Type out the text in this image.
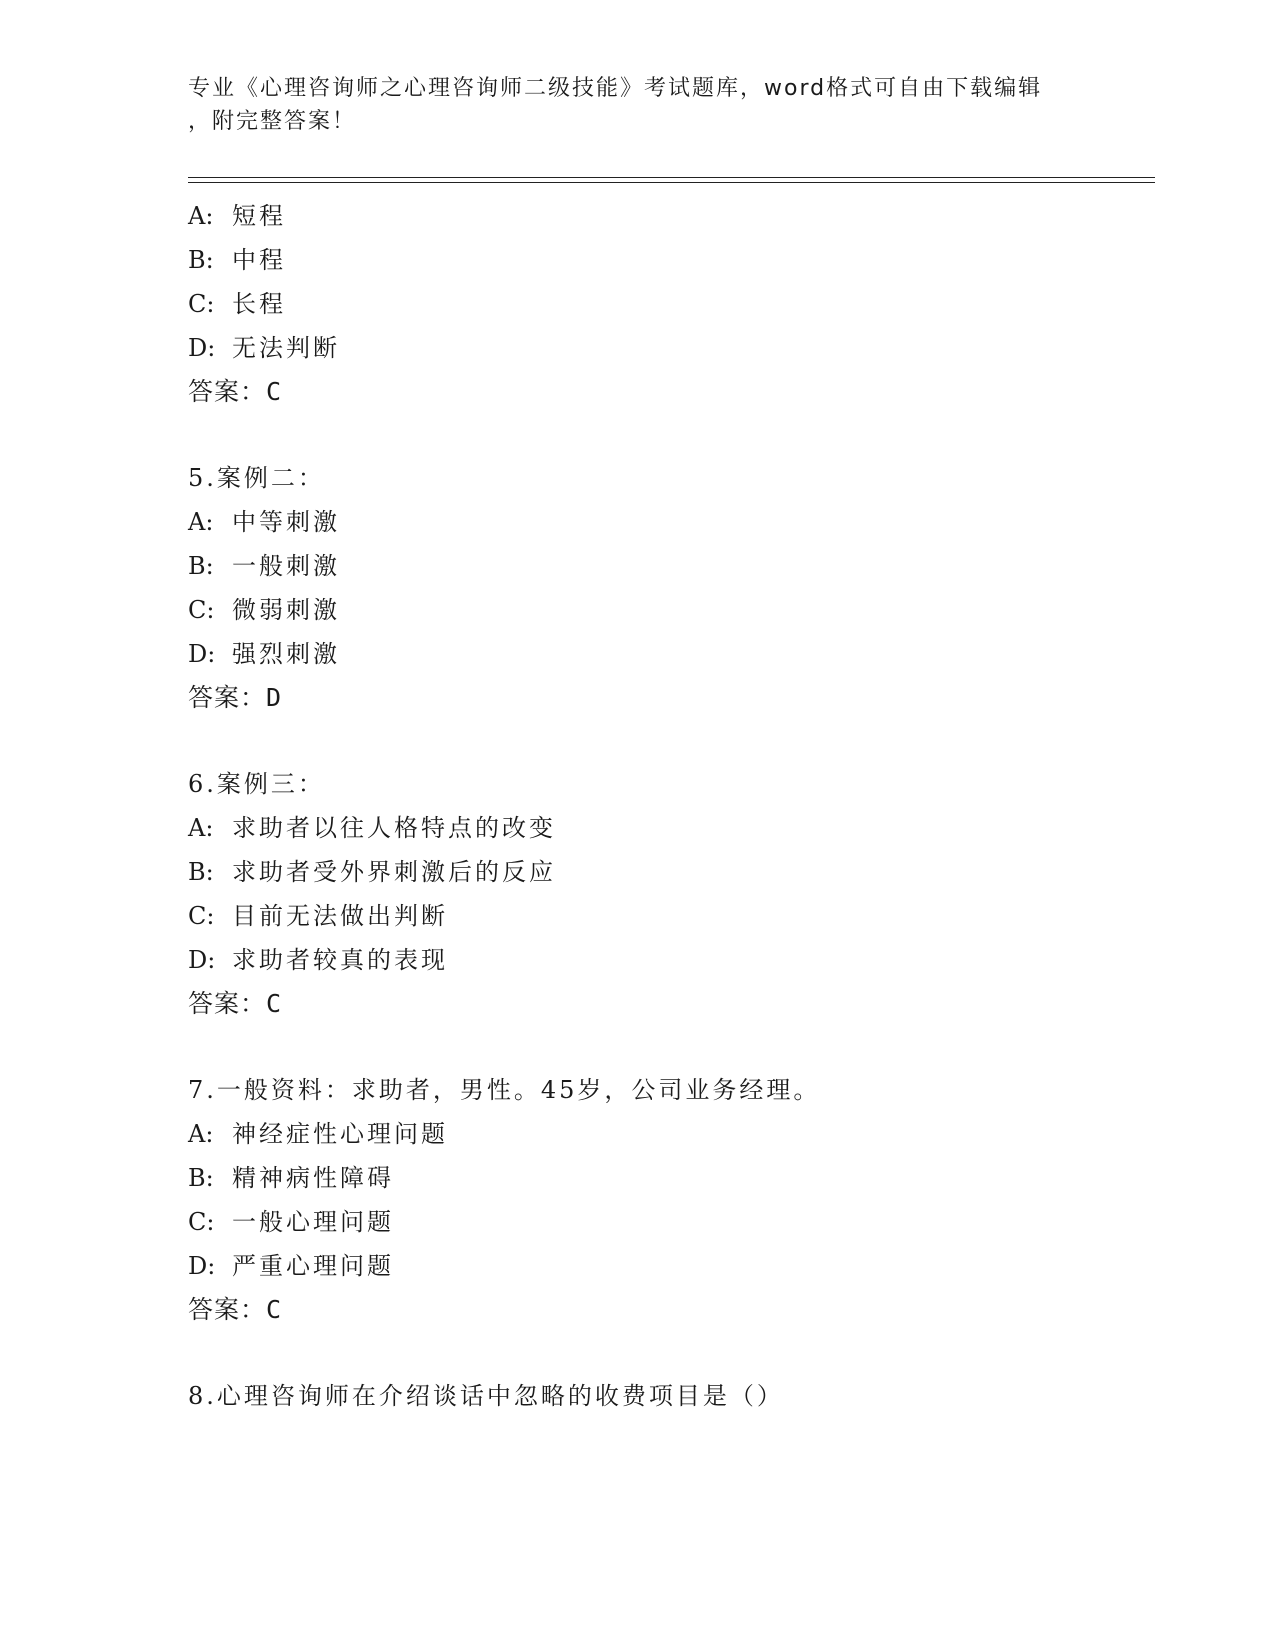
专业《心理咨询师之心理咨询师二级技能》考试题库，word格式可自由下载编辑
，附完整答案！
A: 短程
B: 中程
C: 长程
D: 无法判断
答案：C
5.案例二：
A: 中等刺激
B: 一般刺激
C: 微弱刺激
D: 强烈刺激
答案：D
6.案例三：
A: 求助者以往人格特点的改变
B: 求助者受外界刺激后的反应
C: 目前无法做出判断
D: 求助者较真的表现
答案：C
7.一般资料：求助者，男性。45岁，公司业务经理。
A: 神经症性心理问题
B: 精神病性障碍
C: 一般心理问题
D: 严重心理问题
答案：C
8.心理咨询师在介绍谈话中忽略的收费项目是（）
